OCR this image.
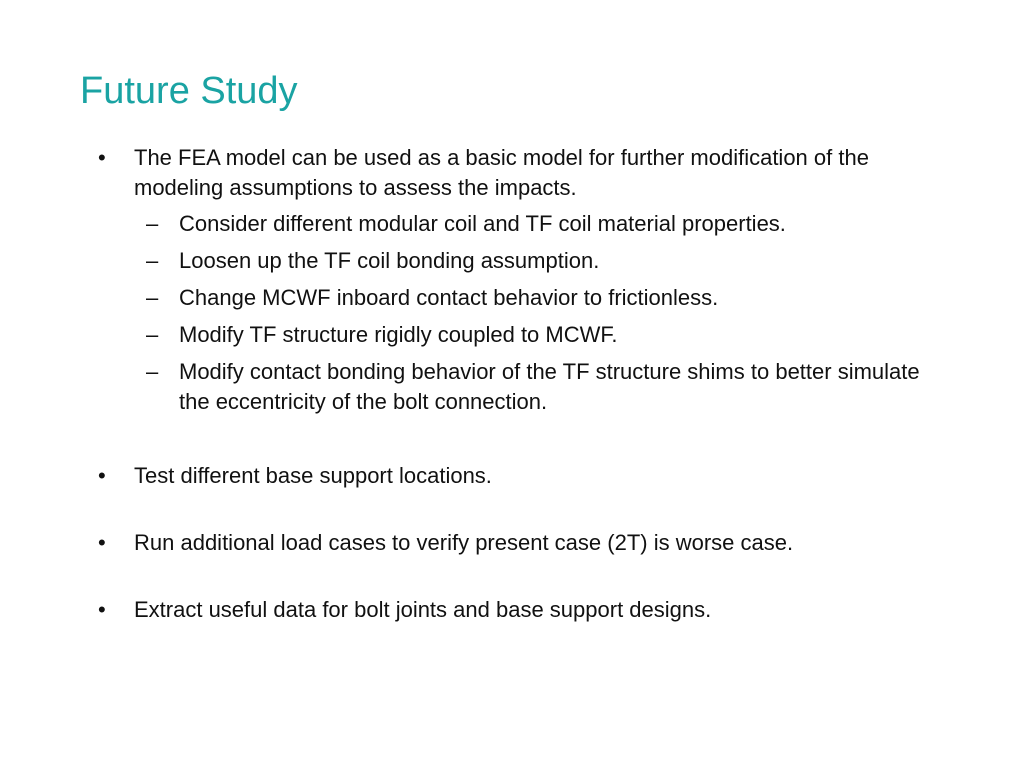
Future Study
• The FEA model can be used as a basic model for further modification of the modeling assumptions to assess the impacts.
– Consider different modular coil and TF coil material properties.
– Loosen up the TF coil bonding assumption.
– Change MCWF inboard contact behavior to frictionless.
– Modify TF structure rigidly coupled to MCWF.
– Modify contact bonding behavior of the TF structure shims to better simulate the eccentricity of the bolt connection.
• Test different base support locations.
• Run additional load cases to verify present case (2T) is worse case.
• Extract useful data for bolt joints and base support designs.
